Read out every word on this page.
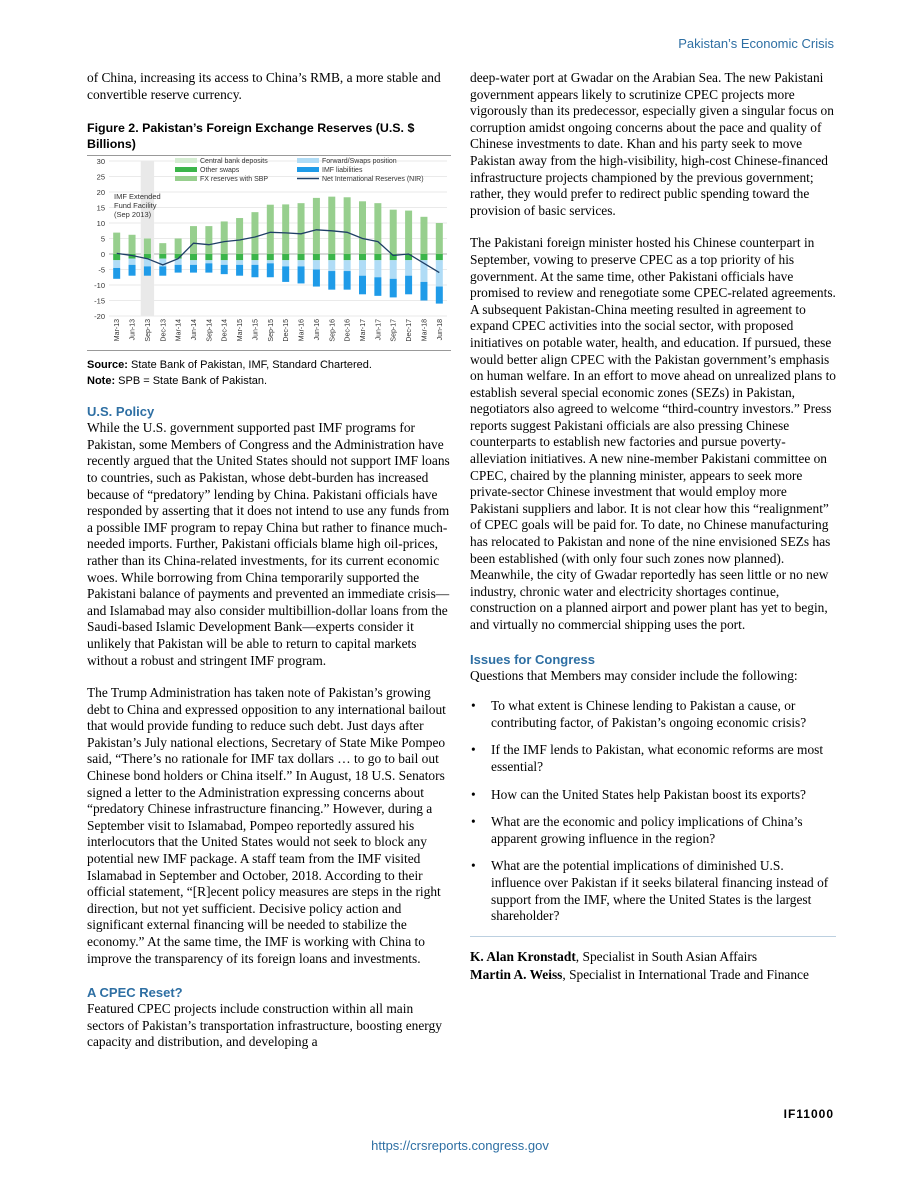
Pakistan’s Economic Crisis

of China, increasing its access to China’s RMB, a more stable and convertible reserve currency.

Figure 2. Pakistan’s Foreign Exchange Reserves (U.S. $ Billions)
30
25
20
15
10
5
0
-5
-10
-15
-20
Mar-13 Jun-13 Sep-13 Dec-13 Mar-14 Jun-14 Sep-14 Dec-14 Mar-15 Jun-15 Sep-15 Dec-15 Mar-16 Jun-16 Sep-16 Dec-16 Mar-17 Jun-17 Sep-17 Dec-17 Mar-18 Jun-18
Central bank deposits
Other swaps
FX reserves with SBP
Forward/Swaps position
IMF liabilities
Net International Reserves (NIR)
IMF Extended Fund Facility (Sep 2013)
Source: State Bank of Pakistan, IMF, Standard Chartered.
Note: SPB = State Bank of Pakistan.
U.S. Policy

While the U.S. government supported past IMF programs for Pakistan, some Members of Congress and the Administration have recently argued that the United States should not support IMF loans to countries, such as Pakistan, whose debt-burden has increased because of “predatory” lending by China. Pakistani officials have responded by asserting that it does not intend to use any funds from a possible IMF program to repay China but rather to finance much-needed imports. Further, Pakistani officials blame high oil-prices, rather than its China-related investments, for its current economic woes. While borrowing from China temporarily supported the Pakistani balance of payments and prevented an immediate crisis—and Islamabad may also consider multibillion-dollar loans from the Saudi-based Islamic Development Bank—experts consider it unlikely that Pakistan will be able to return to capital markets without a robust and stringent IMF program.

The Trump Administration has taken note of Pakistan’s growing debt to China and expressed opposition to any international bailout that would provide funding to reduce such debt. Just days after Pakistan’s July national elections, Secretary of State Mike Pompeo said, “There’s no rationale for IMF tax dollars … to go to bail out Chinese bond holders or China itself.” In August, 18 U.S. Senators signed a letter to the Administration expressing concerns about “predatory Chinese infrastructure financing.” However, during a September visit to Islamabad, Pompeo reportedly assured his interlocutors that the United States would not seek to block any potential new IMF package. A staff team from the IMF visited Islamabad in September and October, 2018. According to their official statement, “[R]ecent policy measures are steps in the right direction, but not yet sufficient. Decisive policy action and significant external financing will be needed to stabilize the economy.” At the same time, the IMF is working with China to improve the transparency of its foreign loans and investments.

A CPEC Reset?

Featured CPEC projects include construction within all main sectors of Pakistan’s transportation infrastructure, boosting energy capacity and distribution, and developing a

deep-water port at Gwadar on the Arabian Sea. The new Pakistani government appears likely to scrutinize CPEC projects more vigorously than its predecessor, especially given a singular focus on corruption amidst ongoing concerns about the pace and quality of Chinese investments to date. Khan and his party seek to move Pakistan away from the high-visibility, high-cost Chinese-financed infrastructure projects championed by the previous government; rather, they would prefer to redirect public spending toward the provision of basic services.

The Pakistani foreign minister hosted his Chinese counterpart in September, vowing to preserve CPEC as a top priority of his government. At the same time, other Pakistani officials have promised to review and renegotiate some CPEC-related agreements. A subsequent Pakistan-China meeting resulted in agreement to expand CPEC activities into the social sector, with proposed initiatives on potable water, health, and education. If pursued, these would better align CPEC with the Pakistan government’s emphasis on human welfare. In an effort to move ahead on unrealized plans to establish several special economic zones (SEZs) in Pakistan, negotiators also agreed to welcome “third-country investors.” Press reports suggest Pakistani officials are also pressing Chinese counterparts to establish new factories and pursue poverty-alleviation initiatives. A new nine-member Pakistani committee on CPEC, chaired by the planning minister, appears to seek more private-sector Chinese investment that would employ more Pakistani suppliers and labor. It is not clear how this “realignment” of CPEC goals will be paid for. To date, no Chinese manufacturing has relocated to Pakistan and none of the nine envisioned SEZs has been established (with only four such zones now planned). Meanwhile, the city of Gwadar reportedly has seen little or no new industry, chronic water and electricity shortages continue, construction on a planned airport and power plant has yet to begin, and virtually no commercial shipping uses the port.

Issues for Congress

Questions that Members may consider include the following:

• To what extent is Chinese lending to Pakistan a cause, or contributing factor, of Pakistan’s ongoing economic crisis?
• If the IMF lends to Pakistan, what economic reforms are most essential?
• How can the United States help Pakistan boost its exports?
• What are the economic and policy implications of China’s apparent growing influence in the region?
• What are the potential implications of diminished U.S. influence over Pakistan if it seeks bilateral financing instead of support from the IMF, where the United States is the largest shareholder?
K. Alan Kronstadt, Specialist in South Asian Affairs
Martin A. Weiss, Specialist in International Trade and Finance
IF11000
https://crsreports.congress.gov
